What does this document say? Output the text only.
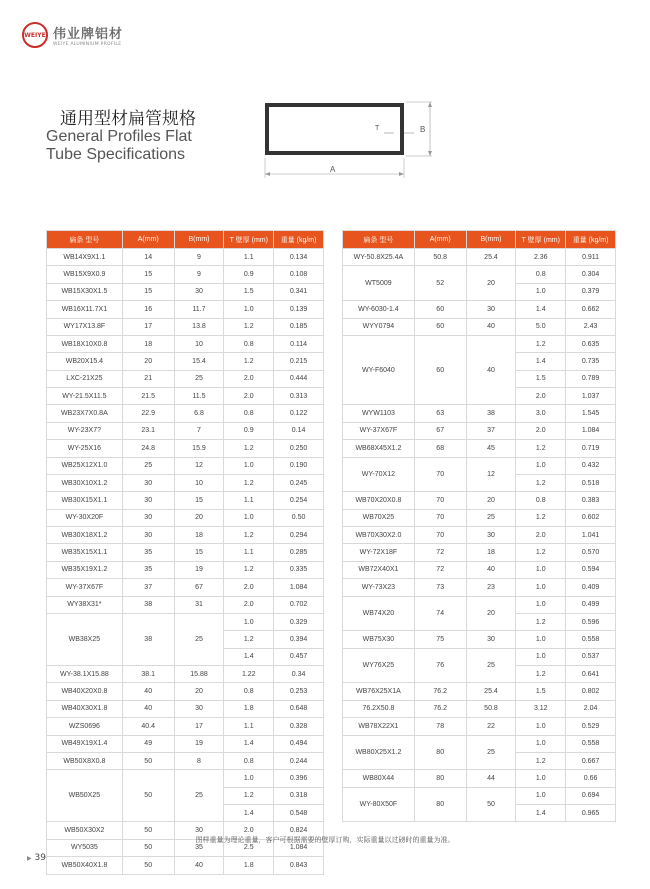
WEIYE 伟业牌铝材
WEIYE ALUMINIUM PROFILE
通用型材扁管规格
General Profiles Flat
Tube Specifications
B
T
A
扁条 型号	A(mm)	B(mm)	T 壁厚 (mm)	重量 (kg/m)
WB14X9X1.1	14	9	1.1	0.134
WB15X9X0.9	15	9	0.9	0.108
WB15X30X1.5	15	30	1.5	0.341
WB16X11.7X1	16	11.7	1.0	0.139
WY17X13.8F	17	13.8	1.2	0.185
WB18X10X0.8	18	10	0.8	0.114
WB20X15.4	20	15.4	1.2	0.215
LXC-21X25	21	25	2.0	0.444
WY-21.5X11.5	21.5	11.5	2.0	0.313
WB23X7X0.8A	22.9	6.8	0.8	0.122
WY-23X7?	23.1	7	0.9	0.14
WY-25X16	24.8	15.9	1.2	0.250
WB25X12X1.0	25	12	1.0	0.190
WB30X10X1.2	30	10	1.2	0.245
WB30X15X1.1	30	15	1.1	0.254
WY-30X20F	30	20	1.0	0.50
WB30X18X1.2	30	18	1.2	0.294
WB35X15X1.1	35	15	1.1	0.285
WB35X19X1.2	35	19	1.2	0.335
WY-37X67F	37	67	2.0	1.084
WY38X31*	38	31	2.0	0.702
WB38X25	38	25	1.0	0.329
			1.2	0.394
			1.4	0.457
WY-38.1X15.88	38.1	15.88	1.22	0.34
WB40X20X0.8	40	20	0.8	0.253
WB40X30X1.8	40	30	1.8	0.648
WZS0696	40.4	17	1.1	0.328
WB49X19X1.4	49	19	1.4	0.494
WB50X8X0.8	50	8	0.8	0.244
WB50X25	50	25	1.0	0.396
			1.2	0.318
			1.4	0.548
WB50X30X2	50	30	2.0	0.824
WY5035	50	35	2.5	1.084
WB50X40X1.8	50	40	1.8	0.843
扁条 型号	A(mm)	B(mm)	T 壁厚 (mm)	重量 (kg/m)
WY-50.8X25.4A	50.8	25.4	2.36	0.911
WT5009	52	20	0.8	0.304
			1.0	0.379
WY-6030-1.4	60	30	1.4	0.662
WYY0794	60	40	5.0	2.43
WY-F6040	60	40	1.2	0.635
			1.4	0.735
			1.5	0.789
			2.0	1.037
WYW1103	63	38	3.0	1.545
WY-37X67F	67	37	2.0	1.084
WB68X45X1.2	68	45	1.2	0.719
WY-70X12	70	12	1.0	0.432
			1.2	0.518
WB70X20X0.8	70	20	0.8	0.383
WB70X25	70	25	1.2	0.602
WB70X30X2.0	70	30	2.0	1.041
WY-72X18F	72	18	1.2	0.570
WB72X40X1	72	40	1.0	0.594
WY-73X23	73	23	1.0	0.409
WB74X20	74	20	1.0	0.499
			1.2	0.596
WB75X30	75	30	1.0	0.558
WY76X25	76	25	1.0	0.537
			1.2	0.641
WB76X25X1A	76.2	25.4	1.5	0.802
76.2X50.8	76.2	50.8	3.12	2.04
WB78X22X1	78	22	1.0	0.529
WB80X25X1.2	80	25	1.0	0.558
			1.2	0.667
WB80X44	80	44	1.0	0.66
WY-80X50F	80	50	1.0	0.694
			1.4	0.965
图样重量为理论重量，客户可根据需要的壁厚订购，实际重量以过磅时的重量为准。
▶ 39
